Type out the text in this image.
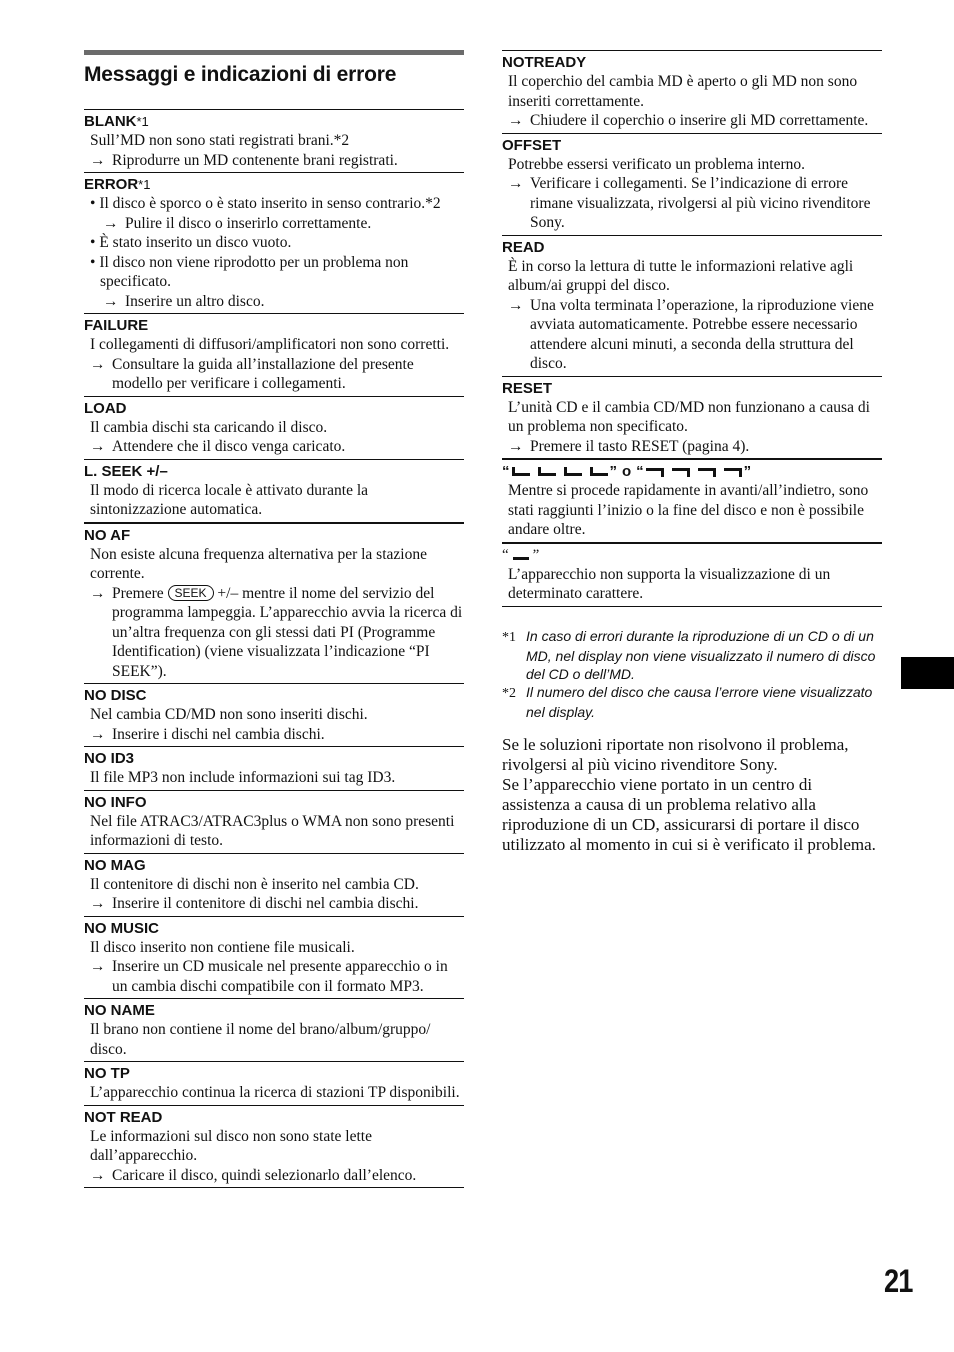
Messaggi e indicazioni di errore
BLANK*1
Sull’MD non sono stati registrati brani.*2
→ Riprodurre un MD contenente brani registrati.
ERROR*1
• Il disco è sporco o è stato inserito in senso contrario.*2
→ Pulire il disco o inserirlo correttamente.
• È stato inserito un disco vuoto.
• Il disco non viene riprodotto per un problema non specificato.
→ Inserire un altro disco.
FAILURE
I collegamenti di diffusori/amplificatori non sono corretti.
→ Consultare la guida all’installazione del presente modello per verificare i collegamenti.
LOAD
Il cambia dischi sta caricando il disco.
→ Attendere che il disco venga caricato.
L. SEEK +/–
Il modo di ricerca locale è attivato durante la sintonizzazione automatica.
NO AF
Non esiste alcuna frequenza alternativa per la stazione corrente.
→ Premere SEEK +/– mentre il nome del servizio del programma lampeggia. L’apparecchio avvia la ricerca di un’altra frequenza con gli stessi dati PI (Programme Identification) (viene visualizzata l’indicazione “PI SEEK”).
NO DISC
Nel cambia CD/MD non sono inseriti dischi.
→ Inserire i dischi nel cambia dischi.
NO ID3
Il file MP3 non include informazioni sui tag ID3.
NO INFO
Nel file ATRAC3/ATRAC3plus o WMA non sono presenti informazioni di testo.
NO MAG
Il contenitore di dischi non è inserito nel cambia CD.
→ Inserire il contenitore di dischi nel cambia dischi.
NO MUSIC
Il disco inserito non contiene file musicali.
→ Inserire un CD musicale nel presente apparecchio o in un cambia dischi compatibile con il formato MP3.
NO NAME
Il brano non contiene il nome del brano/album/gruppo/ disco.
NO TP
L’apparecchio continua la ricerca di stazioni TP disponibili.
NOT READ
Le informazioni sul disco non sono state lette dall’apparecchio.
→ Caricare il disco, quindi selezionarlo dall’elenco.
NOTREADY
Il coperchio del cambia MD è aperto o gli MD non sono inseriti correttamente.
→ Chiudere il coperchio o inserire gli MD correttamente.
OFFSET
Potrebbe essersi verificato un problema interno.
→ Verificare i collegamenti. Se l’indicazione di errore rimane visualizzata, rivolgersi al più vicino rivenditore Sony.
READ
È in corso la lettura di tutte le informazioni relative agli album/ai gruppi del disco.
→ Una volta terminata l’operazione, la riproduzione viene avviata automaticamente. Potrebbe essere necessario attendere alcuni minuti, a seconda della struttura del disco.
RESET
L’unità CD e il cambia CD/MD non funzionano a causa di un problema non specificato.
→ Premere il tasto RESET (pagina 4).
“	” o “	”
Mentre si procede rapidamente in avanti/all’indietro, sono stati raggiunti l’inizio o la fine del disco e non è possibile andare oltre.
“ ”
L’apparecchio non supporta la visualizzazione di un determinato carattere.
*1 In caso di errori durante la riproduzione di un CD o di un MD, nel display non viene visualizzato il numero di disco del CD o dell’MD.
*2 Il numero del disco che causa l’errore viene visualizzato nel display.

Se le soluzioni riportate non risolvono il problema, rivolgersi al più vicino rivenditore Sony.

Se l’apparecchio viene portato in un centro di assistenza a causa di un problema relativo alla riproduzione di un CD, assicurarsi di portare il disco utilizzato al momento in cui si è verificato il problema.

21
